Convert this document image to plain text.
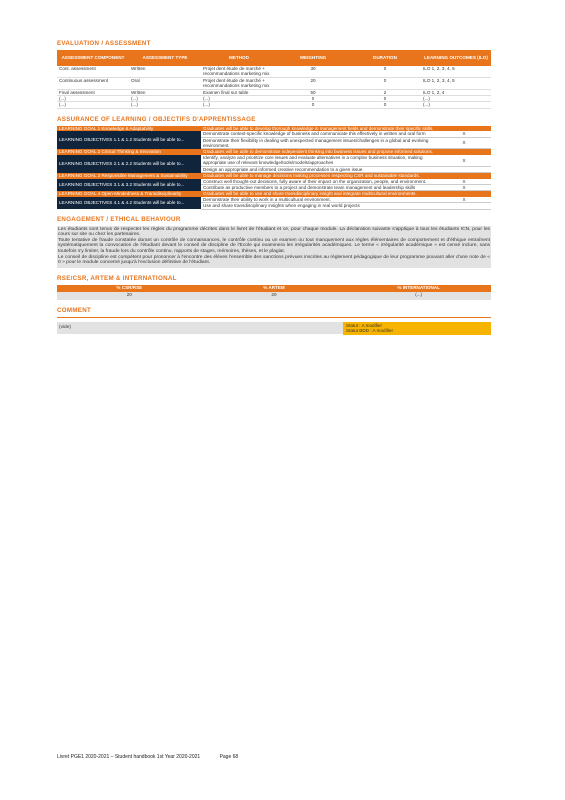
EVALUATION / ASSESSMENT
ASSESSMENT COMPONENT	ASSESSMENT TYPE	METHOD	WEIGHTING	DURATION	LEARNING OUTCOMES (ILO)
Cont. assessment	Written	Projet dent étude de marché + recommandations marketing mix	30	0	ILO 1, 2, 3, 4, 5
Continuous assessment	Oral	Projet dent étude de marché + recommandations marketing mix	20	0	ILO 1, 2, 3, 4, 5
Final assessment	Written	Examen final sur table	50	2	ILO 1, 2, 4
(...)	(...)	(...)	0	0	(...)
(...)	(...)	(...)	0	0	(...)
ASSURANCE OF LEARNING / OBJECTIFS D'APPRENTISSAGE
LEARNING GOAL 1 Knowledge & Adaptability	Graduates will be able to develop thorough knowledge in management fields and demonstrate their specific skills.	
LEARNING OBJECTIVES 1.1 & 1.2 Students will be able to...	Demonstrate context-specific knowledge of business and communicate this effectively in written and oral form	X
	Demonstrate their flexibility in dealing with unexpected management issues/challenges in a global and evolving environment.	X
LEARNING GOAL 2 Critical Thinking & Innovation	Graduates will be able to demonstrate independent thinking into business issues and propose informed solutions.	
LEARNING OBJECTIVES 2.1 & 2.2 Students will be able to...	Identify, analyze and prioritize core issues and evaluate alternatives in a complex business situation, making appropriate use of relevant knowledge/tools/models/approaches	X
	Design an appropriate and informed creative recommendation to a given issue.	
LEARNING GOAL 3 Responsible Management & Sustainability	Graduates will be able to manage decisions making processes respecting CSR and sustainable standards.	
LEARNING OBJECTIVES 3.1 & 3.2 Students will be able to...	Construct well thought-out decisions, fully aware of their impact on the organization, people, and environment.	X
	Contribute as productive members to a project and demonstrate team management and leadership skills	X
LEARNING GOAL 4 Open-Mindedness & Transdisciplinarity	Graduates will be able to use and share transdisciplinary insight and integrate multicultural environments.	
LEARNING OBJECTIVES 4.1 & 4.2 Students will be able to...	Demonstrate their ability to work in a multicultural environment.	X
	Use and share transdisciplinary insights when engaging in real world projects	
ENGAGEMENT / ETHICAL BEHAVIOUR
Les étudiants sont tenus de respecter les règles du programme décrites dans le livret de l'étudiant et ce, pour chaque module. La déclaration suivante s'applique à tous les étudiants ICN, pour les cours sur site ou chez les partenaires.
Toute tentative de fraude constatée durant un contrôle de connaissances, le contrôle continu ou un examen ou tout manquement aux règles élémentaires de comportement et d'éthique entraînent systématiquement la convocation de l'étudiant devant le conseil de discipline de l'Ecole qui examinera les irrégularités académiques. Le terme « irrégularité académique » est censé inclure, sans toutefois s'y limiter, la fraude lors du contrôle continu, rapports de stages, mémoires, thèses, et le plagiat.
Le conseil de discipline est compétent pour prononcer à l'encontre des élèves l'ensemble des sanctions prévues inscrites au règlement pédagogique de leur programme pouvant aller d'une note de « 0 » pour le module concerné jusqu'à l'exclusion définitive de l'étudiant.
RSE/CSR, ARTEM & INTERNATIONAL
% CSR/RSE	% ARTEM	% INTERNATIONAL
20	20	(...)
COMMENT
(vide)	Statut : A modifier
Statut BDD : A modifier
Livret PGE1 2020-2021 – Student handbook 1st Year 2020-2021	Page 68
